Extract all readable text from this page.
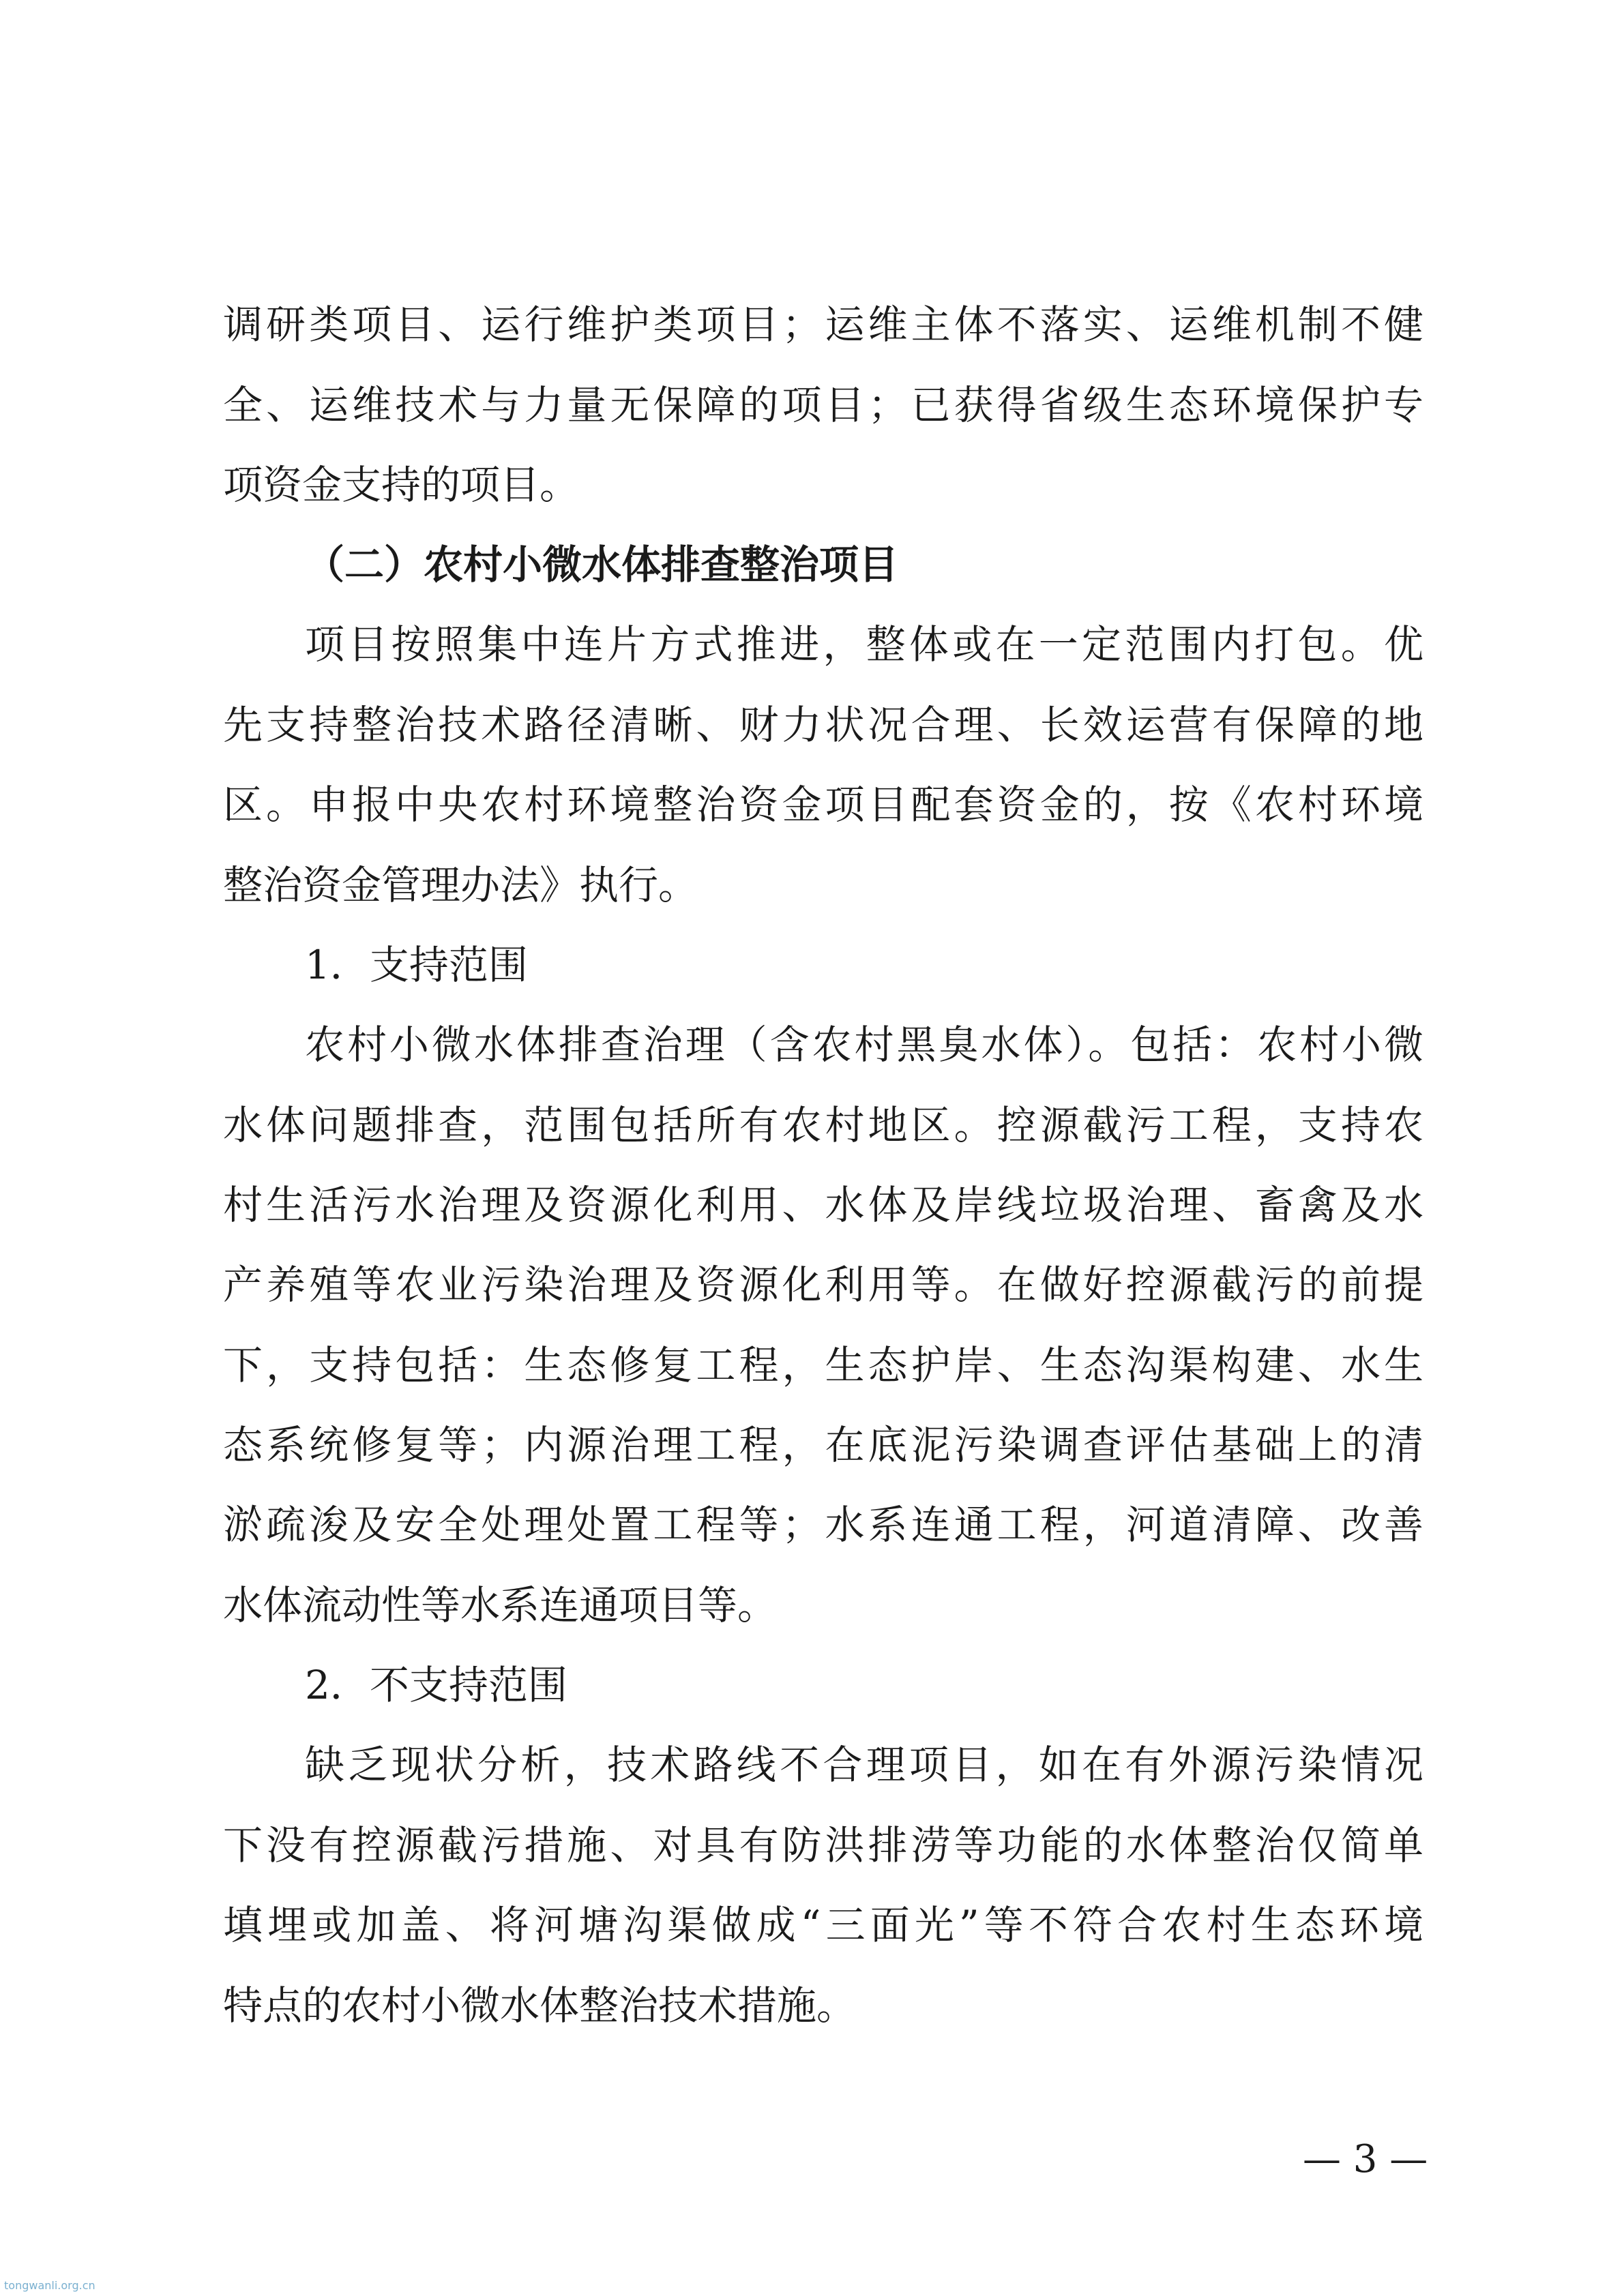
调研类项目、运行维护类项目；运维主体不落实、运维机制不健
全、运维技术与力量无保障的项目；已获得省级生态环境保护专
项资金支持的项目。
（二）农村小微水体排查整治项目
项目按照集中连片方式推进，整体或在一定范围内打包。优
先支持整治技术路径清晰、财力状况合理、长效运营有保障的地
区。申报中央农村环境整治资金项目配套资金的，按《农村环境
整治资金管理办法》执行。
1．支持范围
农村小微水体排查治理（含农村黑臭水体）。包括：农村小微
水体问题排查，范围包括所有农村地区。控源截污工程，支持农
村生活污水治理及资源化利用、水体及岸线垃圾治理、畜禽及水
产养殖等农业污染治理及资源化利用等。在做好控源截污的前提
下，支持包括：生态修复工程，生态护岸、生态沟渠构建、水生
态系统修复等；内源治理工程，在底泥污染调查评估基础上的清
淤疏浚及安全处理处置工程等；水系连通工程，河道清障、改善
水体流动性等水系连通项目等。
2．不支持范围
缺乏现状分析，技术路线不合理项目，如在有外源污染情况
下没有控源截污措施、对具有防洪排涝等功能的水体整治仅简单
填埋或加盖、将河塘沟渠做成“三面光”等不符合农村生态环境
特点的农村小微水体整治技术措施。
— 3 —
tongwanli.org.cn
